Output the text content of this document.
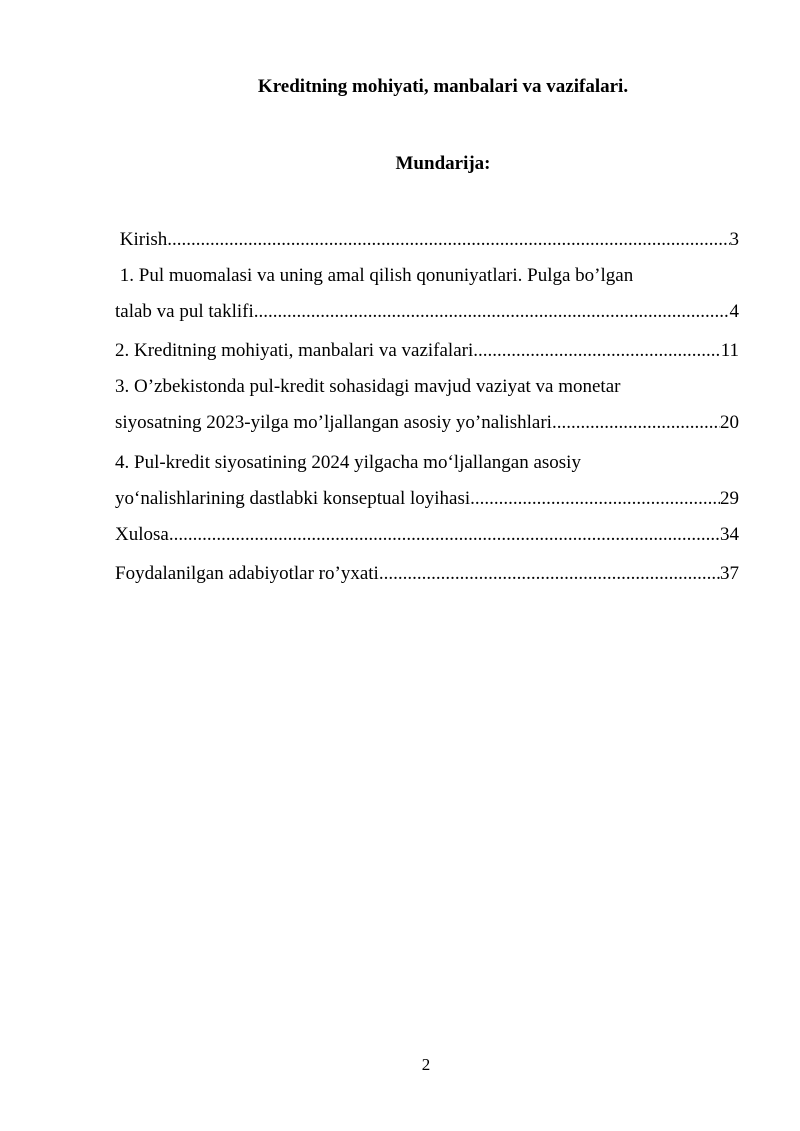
Kreditning mohiyati, manbalari va vazifalari.
Mundarija:
Kirish .....	3
1. Pul muomalasi va uning amal qilish qonuniyatlari. Pulga bo’lgan
talab va pul taklifi .....	4
2. Kreditning mohiyati, manbalari va vazifalari .....	11
3. O’zbekistonda pul-kredit sohasidagi mavjud vaziyat va monetar
siyosatning 2023-yilga mo’ljallangan asosiy yo’nalishlari .....	20
4. Pul-kredit siyosatining 2024 yilgacha mo‘ljallangan asosiy
yo‘nalishlarining dastlabki konseptual loyihasi .....	29
Xulosa .....	34
Foydalanilgan adabiyotlar ro’yxati .....	37
2
